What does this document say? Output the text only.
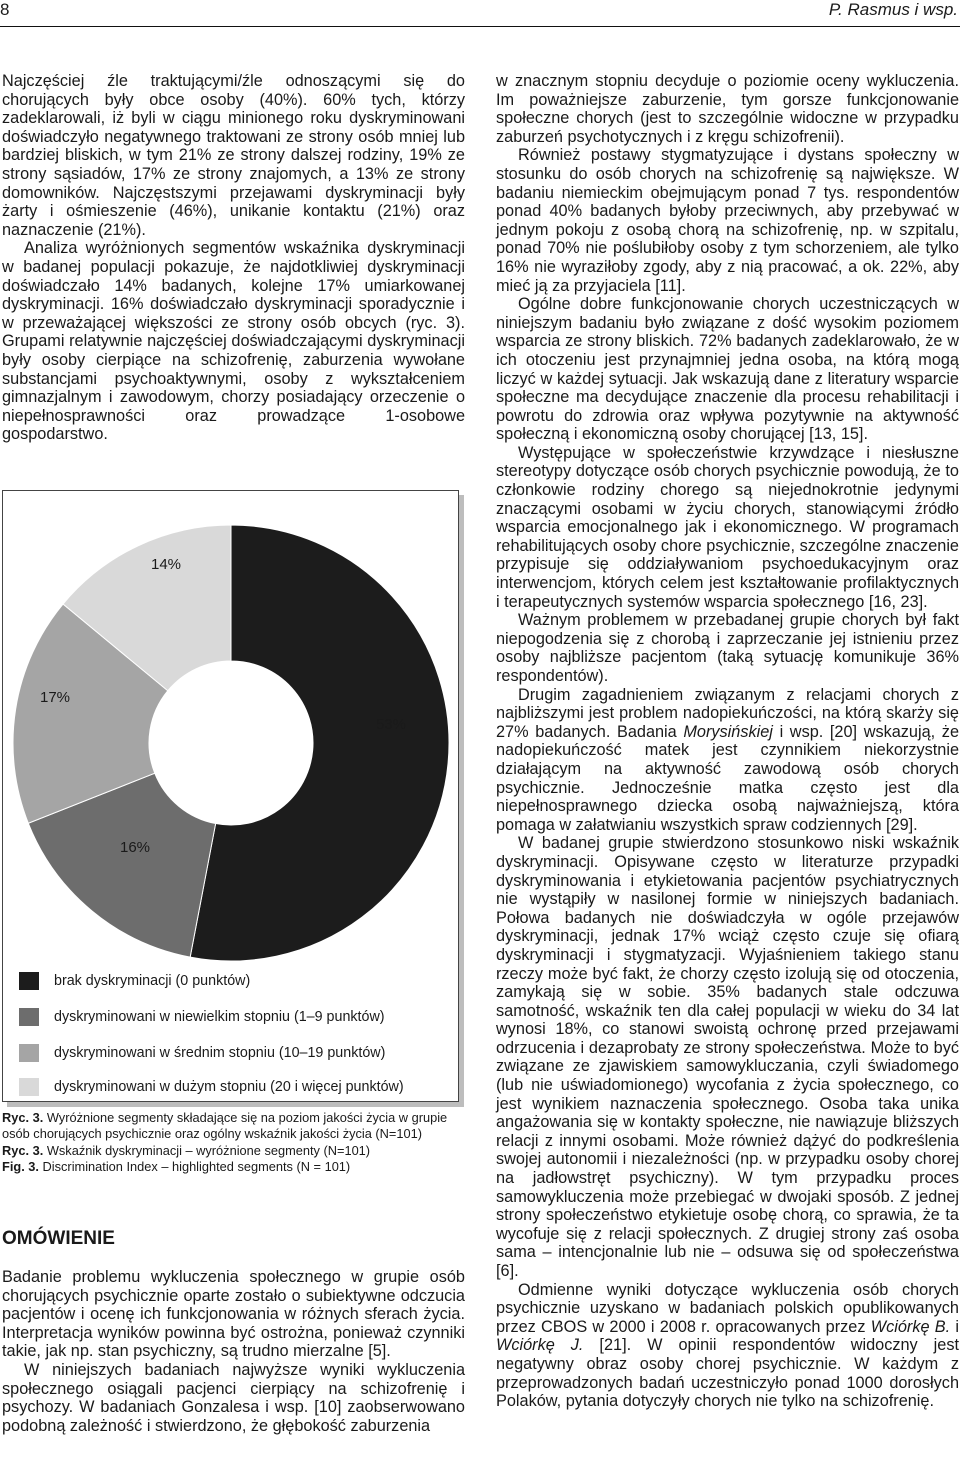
8	P. Rasmus i wsp.

Najczęściej źle traktującymi/źle odnoszącymi się do chorujących były obce osoby (40%). 60% tych, którzy zadeklarowali, iż byli w ciągu minionego roku dyskryminowani doświadczyło negatywnego traktowani ze strony osób mniej lub bardziej bliskich, w tym 21% ze strony dalszej rodziny, 19% ze strony sąsiadów, 17% ze strony znajomych, a 13% ze strony domowników. Najczęstszymi przejawami dyskryminacji były żarty i ośmieszenie (46%), unikanie kontaktu (21%) oraz naznaczenie (21%).

Analiza wyróżnionych segmentów wskaźnika dyskryminacji w badanej populacji pokazuje, że najdotkliwiej dyskryminacji doświadczało 14% badanych, kolejne 17% umiarkowanej dyskryminacji. 16% doświadczało dyskryminacji sporadycznie i w przeważającej większości ze strony osób obcych (ryc. 3). Grupami relatywnie najczęściej doświadczającymi dyskryminacji były osoby cierpiące na schizofrenię, zaburzenia wywołane substancjami psychoaktywnymi, osoby z wykształceniem gimnazjalnym i zawodowym, chorzy posiadający orzeczenie o niepełnosprawności oraz prowadzące 1-osobowe gospodarstwo.

14%
17%
53%
16%
brak dyskryminacji (0 punktów)
dyskryminowani w niewielkim stopniu (1–9 punktów)
dyskryminowani w średnim stopniu (10–19 punktów)
dyskryminowani w dużym stopniu (20 i więcej punktów)
Ryc. 3. Wyróżnione segmenty składające się na poziom jakości życia w grupie osób chorujących psychicznie oraz ogólny wskaźnik jakości życia (N=101)
Ryc. 3. Wskaźnik dyskryminacji – wyróżnione segmenty (N=101)
Fig. 3. Discrimination Index – highlighted segments (N = 101)
OMÓWIENIE

Badanie problemu wykluczenia społecznego w grupie osób chorujących psychicznie oparte zostało o subiektywne odczucia pacjentów i ocenę ich funkcjonowania w różnych sferach życia. Interpretacja wyników powinna być ostrożna, ponieważ czynniki takie, jak np. stan psychiczny, są trudno mierzalne [5].

W niniejszych badaniach najwyższe wyniki wykluczenia społecznego osiągali pacjenci cierpiący na schizofrenię i psychozy. W badaniach Gonzalesa i wsp. [10] zaobserwowano podobną zależność i stwierdzono, że głębokość zaburzenia

w znacznym stopniu decyduje o poziomie oceny wykluczenia. Im poważniejsze zaburzenie, tym gorsze funkcjonowanie społeczne chorych (jest to szczególnie widoczne w przypadku zaburzeń psychotycznych i z kręgu schizofrenii).

Również postawy stygmatyzujące i dystans społeczny w stosunku do osób chorych na schizofrenię są największe. W badaniu niemieckim obejmującym ponad 7 tys. respondentów ponad 40% badanych byłoby przeciwnych, aby przebywać w jednym pokoju z osobą chorą na schizofrenię, np. w szpitalu, ponad 70% nie poślubiłoby osoby z tym schorzeniem, ale tylko 16% nie wyraziłoby zgody, aby z nią pracować, a ok. 22%, aby mieć ją za przyjaciela [11].

Ogólne dobre funkcjonowanie chorych uczestniczących w niniejszym badaniu było związane z dość wysokim poziomem wsparcia ze strony bliskich. 72% badanych zadeklarowało, że w ich otoczeniu jest przynajmniej jedna osoba, na którą mogą liczyć w każdej sytuacji. Jak wskazują dane z literatury wsparcie społeczne ma decydujące znaczenie dla procesu rehabilitacji i powrotu do zdrowia oraz wpływa pozytywnie na aktywność społeczną i ekonomiczną osoby chorującej [13, 15].

Występujące w społeczeństwie krzywdzące i niesłuszne stereotypy dotyczące osób chorych psychicznie powodują, że to członkowie rodziny chorego są niejednokrotnie jedynymi znaczącymi osobami w życiu chorych, stanowiącymi źródło wsparcia emocjonalnego jak i ekonomicznego. W programach rehabilitujących osoby chore psychicznie, szczególne znaczenie przypisuje się oddziaływaniom psychoedukacyjnym oraz interwencjom, których celem jest kształtowanie profilaktycznych i terapeutycznych systemów wsparcia społecznego [16, 23].

Ważnym problemem w przebadanej grupie chorych był fakt niepogodzenia się z chorobą i zaprzeczanie jej istnieniu przez osoby najbliższe pacjentom (taką sytuację komunikuje 36% respondentów).

Drugim zagadnieniem związanym z relacjami chorych z najbliższymi jest problem nadopiekuńczości, na którą skarży się 27% badanych. Badania Morysińskiej i wsp. [20] wskazują, że nadopiekuńczość matek jest czynnikiem niekorzystnie działającym na aktywność zawodową osób chorych psychicznie. Jednocześnie matka często jest dla niepełnosprawnego dziecka osobą najważniejszą, która pomaga w załatwianiu wszystkich spraw codziennych [29].

W badanej grupie stwierdzono stosunkowo niski wskaźnik dyskryminacji. Opisywane często w literaturze przypadki dyskryminowania i etykietowania pacjentów psychiatrycznych nie wystąpiły w nasilonej formie w niniejszych badaniach. Połowa badanych nie doświadczyła w ogóle przejawów dyskryminacji, jednak 17% wciąż często czuje się ofiarą dyskryminacji i stygmatyzacji. Wyjaśnieniem takiego stanu rzeczy może być fakt, że chorzy często izolują się od otoczenia, zamykają się w sobie. 35% badanych stale odczuwa samotność, wskaźnik ten dla całej populacji w wieku do 34 lat wynosi 18%, co stanowi swoistą ochronę przed przejawami odrzucenia i dezaprobaty ze strony społeczeństwa. Może to być związane ze zjawiskiem samowykluczania, czyli świadomego (lub nie uświadomionego) wycofania z życia społecznego, co jest wynikiem naznaczenia społecznego. Osoba taka unika angażowania się w kontakty społeczne, nie nawiązuje bliższych relacji z innymi osobami. Może również dążyć do podkreślenia swojej autonomii i niezależności (np. w przypadku osoby chorej na jadłowstręt psychiczny). W tym przypadku proces samowykluczenia może przebiegać w dwojaki sposób. Z jednej strony społeczeństwo etykietuje osobę chorą, co sprawia, że ta wycofuje się z relacji społecznych. Z drugiej strony zaś osoba sama – intencjonalnie lub nie – odsuwa się od społeczeństwa [6].

Odmienne wyniki dotyczące wykluczenia osób chorych psychicznie uzyskano w badaniach polskich opublikowanych przez CBOS w 2000 i 2008 r. opracowanych przez Wciórkę B. i Wciórkę J. [21]. W opinii respondentów widoczny jest negatywny obraz osoby chorej psychicznie. W każdym z przeprowadzonych badań uczestniczyło ponad 1000 dorosłych Polaków, pytania dotyczyły chorych nie tylko na schizofrenię.
